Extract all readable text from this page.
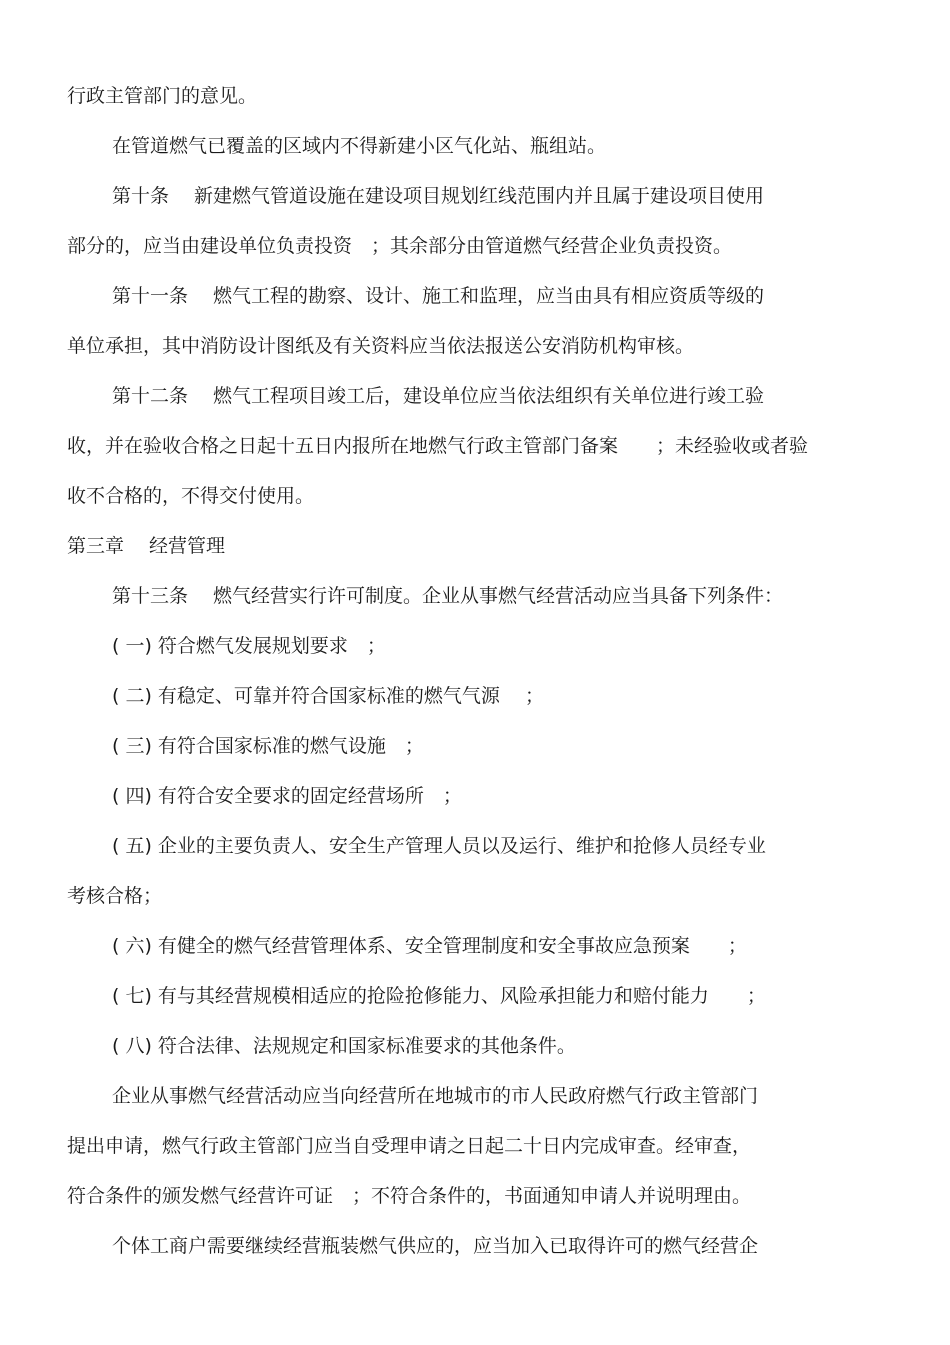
行政主管部门的意见。
在管道燃气已覆盖的区域内不得新建小区气化站、瓶组站。
第十条　 新建燃气管道设施在建设项目规划红线范围内并且属于建设项目使用
部分的，应当由建设单位负责投资　；其余部分由管道燃气经营企业负责投资。
第十一条　 燃气工程的勘察、设计、施工和监理，应当由具有相应资质等级的
单位承担，其中消防设计图纸及有关资料应当依法报送公安消防机构审核。
第十二条　 燃气工程项目竣工后，建设单位应当依法组织有关单位进行竣工验
收，并在验收合格之日起十五日内报所在地燃气行政主管部门备案　　；未经验收或者验
收不合格的，不得交付使用。
第三章　 经营管理
第十三条　 燃气经营实行许可制度。企业从事燃气经营活动应当具备下列条件：
( 一) 符合燃气发展规划要求　；
( 二) 有稳定、可靠并符合国家标准的燃气气源　 ；
( 三) 有符合国家标准的燃气设施　；
( 四) 有符合安全要求的固定经营场所　；
( 五) 企业的主要负责人、安全生产管理人员以及运行、维护和抢修人员经专业
考核合格；
( 六) 有健全的燃气经营管理体系、安全管理制度和安全事故应急预案　　；
( 七) 有与其经营规模相适应的抢险抢修能力、风险承担能力和赔付能力　　；
( 八) 符合法律、法规规定和国家标准要求的其他条件。
企业从事燃气经营活动应当向经营所在地城市的市人民政府燃气行政主管部门
提出申请，燃气行政主管部门应当自受理申请之日起二十日内完成审查。经审查，
符合条件的颁发燃气经营许可证　；不符合条件的，书面通知申请人并说明理由。
个体工商户需要继续经营瓶装燃气供应的，应当加入已取得许可的燃气经营企
